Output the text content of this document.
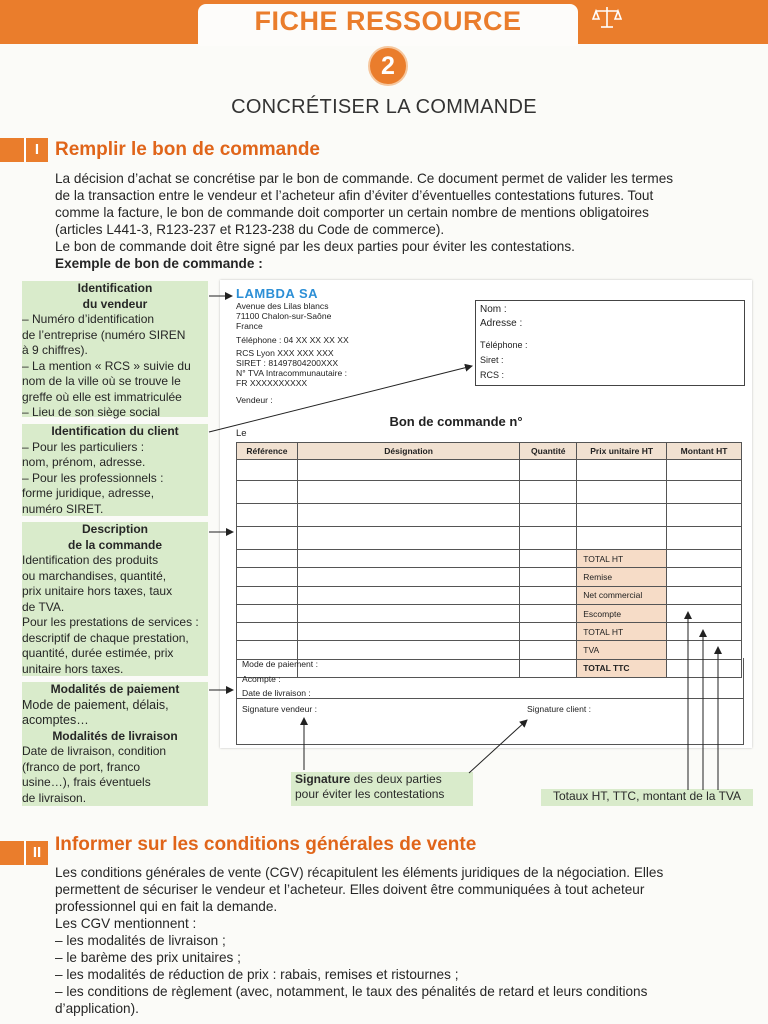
FICHE RESSOURCE
2
CONCRÉTISER LA COMMANDE
I Remplir le bon de commande
La décision d’achat se concrétise par le bon de commande. Ce document permet de valider les termes
de la transaction entre le vendeur et l’acheteur afin d’éviter d’éventuelles contestations futures. Tout
comme la facture, le bon de commande doit comporter un certain nombre de mentions obligatoires
(articles L441-3, R123-237 et R123-238 du Code de commerce).
Le bon de commande doit être signé par les deux parties pour éviter les contestations.
Exemple de bon de commande :
Identification
du vendeur
– Numéro d’identification
de l’entreprise (numéro SIREN
à 9 chiffres).
– La mention « RCS » suivie du
nom de la ville où se trouve le
greffe où elle est immatriculée
– Lieu de son siège social
Identification du client
– Pour les particuliers :
nom, prénom, adresse.
– Pour les professionnels :
forme juridique, adresse,
numéro SIRET.
Description
de la commande
Identification des produits
ou marchandises, quantité,
prix unitaire hors taxes, taux
de TVA.
Pour les prestations de services :
descriptif de chaque prestation,
quantité, durée estimée, prix
unitaire hors taxes.
Modalités de paiement
Mode de paiement, délais,
acomptes…
Modalités de livraison
Date de livraison, condition
(franco de port, franco
usine…), frais éventuels
de livraison.
LAMBDA SA
Avenue des Lilas blancs
71100 Chalon-sur-Saône
France
Téléphone : 04 XX XX XX XX
RCS Lyon XXX XXX XXX
SIRET : 81497804200XXX
N° TVA Intracommunautaire :
FR XXXXXXXXXX
Vendeur :
Nom :
Adresse :
Téléphone :
Siret :
RCS :
Bon de commande n°
Le
Référence	Désignation	Quantité	Prix unitaire HT	Montant HT

			TOTAL HT	
			Remise	
			Net commercial	
			Escompte	
			TOTAL HT	
			TVA	
			TOTAL TTC	
Mode de paiement :
Acompte :
Date de livraison :
Signature vendeur :	Signature client :
Signature des deux parties
pour éviter les contestations	Totaux HT, TTC, montant de la TVA
II Informer sur les conditions générales de vente
Les conditions générales de vente (CGV) récapitulent les éléments juridiques de la négociation. Elles
permettent de sécuriser le vendeur et l’acheteur. Elles doivent être communiquées à tout acheteur
professionnel qui en fait la demande.
Les CGV mentionnent :
– les modalités de livraison ;
– le barème des prix unitaires ;
– les modalités de réduction de prix : rabais, remises et ristournes ;
– les conditions de règlement (avec, notamment, le taux des pénalités de retard et leurs conditions
d’application).
